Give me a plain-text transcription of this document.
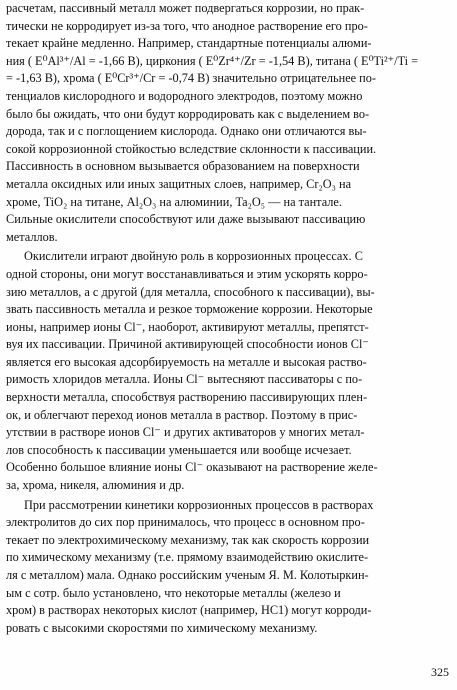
расчетам, пассивный металл может подвергаться коррозии, но прак-
тически не корродирует из-за того, что анодное растворение его про-
текает крайне медленно. Например, стандартные потенциалы алюми-
ния ( E⁰Al³⁺/Al = -1,66 В), циркония ( E⁰Zr⁴⁺/Zr = -1,54 В), титана ( E⁰Ti²⁺/Ti =
= -1,63 В), хрома ( E⁰Cr³⁺/Cr = -0,74 В) значительно отрицательнее по-
тенциалов кислородного и водородного электродов, поэтому можно
было бы ожидать, что они будут корродировать как с выделением во-
дорода, так и с поглощением кислорода. Однако они отличаются вы-
сокой коррозионной стойкостью вследствие склонности к пассивации.
Пассивность в основном вызывается образованием на поверхности
металла оксидных или иных защитных слоев, например, Cr₂O₃ на
хроме, TiO₂ на титане, Al₂O₃ на алюминии, Ta₂O₅ — на тантале.
Сильные окислители способствуют или даже вызывают пассивацию
металлов.
Окислители играют двойную роль в коррозионных процессах. С
одной стороны, они могут восстанавливаться и этим ускорять корро-
зию металлов, а с другой (для металла, способного к пассивации), вы-
звать пассивность металла и резкое торможение коррозии. Некоторые
ионы, например ионы Cl⁻, наоборот, активируют металлы, препятст-
вуя их пассивации. Причиной активирующей способности ионов Cl⁻
является его высокая адсорбируемость на металле и высокая раство-
римость хлоридов металла. Ионы Cl⁻ вытесняют пассиваторы с по-
верхности металла, способствуя растворению пассивирующих плен-
ок, и облегчают переход ионов металла в раствор. Поэтому в прис-
утствии в растворе ионов Cl⁻ и других активаторов у многих метал-
лов способность к пассивации уменьшается или вообще исчезает.
Особенно большое влияние ионы Cl⁻ оказывают на растворение желе-
за, хрома, никеля, алюминия и др.
При рассмотрении кинетики коррозионных процессов в растворах
электролитов до сих пор принималось, что процесс в основном про-
текает по электрохимическому механизму, так как скорость коррозии
по химическому механизму (т.е. прямому взаимодействию окислите-
ля с металлом) мала. Однако российским ученым Я. М. Колотыркин-
ым с сотр. было установлено, что некоторые металлы (железо и
хром) в растворах некоторых кислот (например, HC1) могут корроди-
ровать с высокими скоростями по химическому механизму.
325
